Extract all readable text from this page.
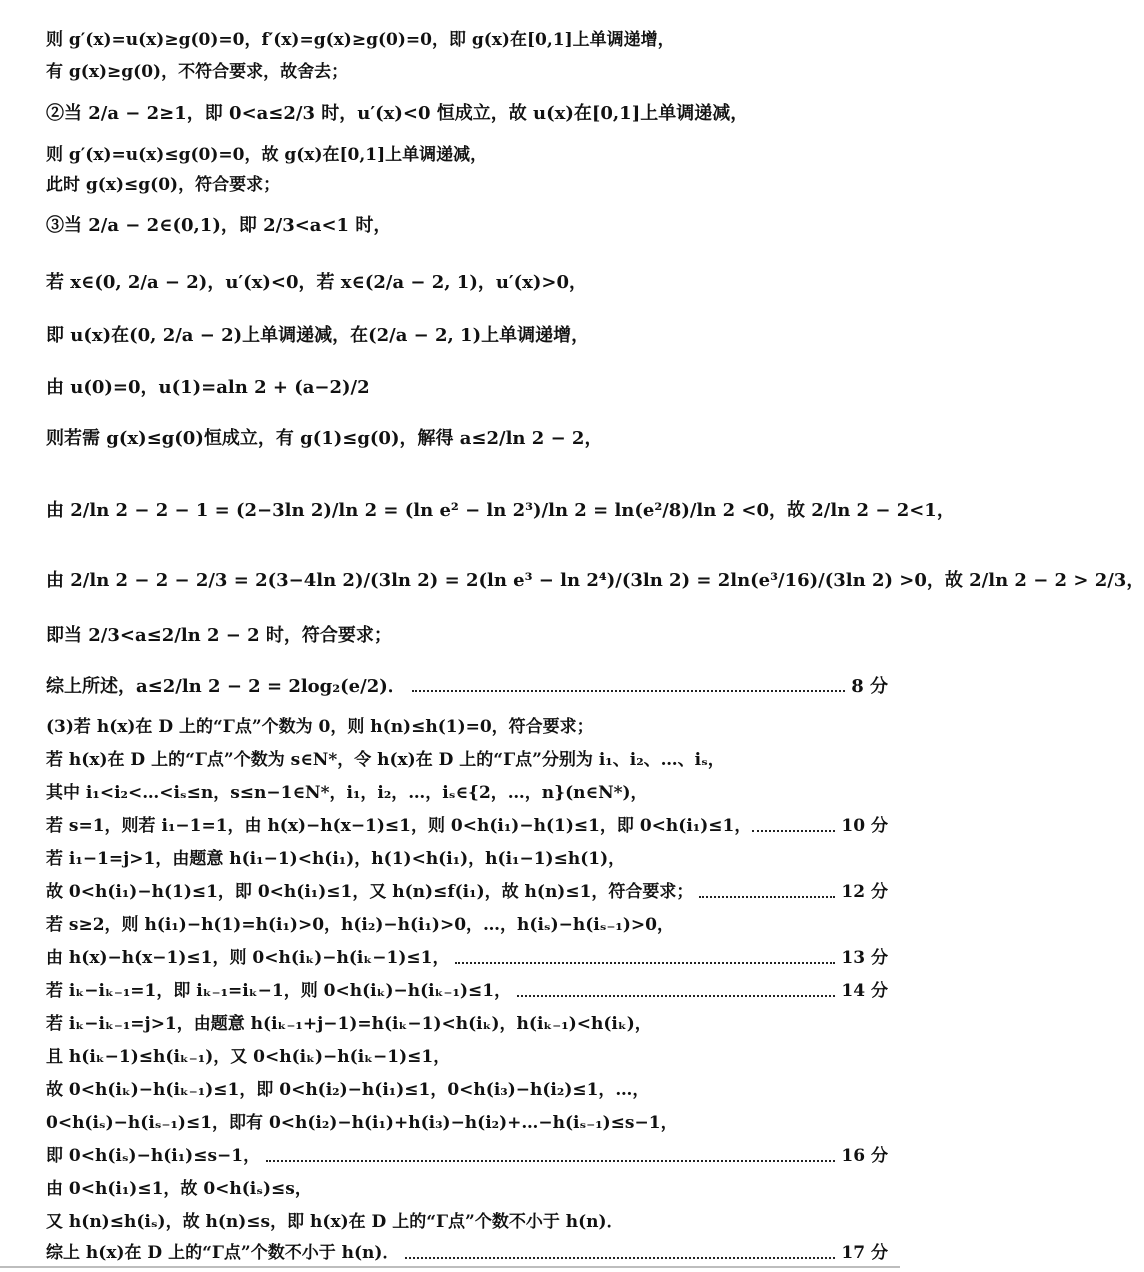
则 g′(x)=u(x)≥g(0)=0，f′(x)=g(x)≥g(0)=0，即 g(x)在[0,1]上单调递增，
有 g(x)≥g(0)，不符合要求，故舍去；
②当 2/a − 2≥1，即 0<a≤2/3 时，u′(x)<0 恒成立，故 u(x)在[0,1]上单调递减，
则 g′(x)=u(x)≤g(0)=0，故 g(x)在[0,1]上单调递减，
此时 g(x)≤g(0)，符合要求；
③当 2/a − 2∈(0,1)，即 2/3<a<1 时，
若 x∈(0, 2/a − 2)，u′(x)<0，若 x∈(2/a − 2, 1)，u′(x)>0，
即 u(x)在(0, 2/a − 2)上单调递减，在(2/a − 2, 1)上单调递增，
由 u(0)=0，u(1)=aln 2 + (a−2)/2
则若需 g(x)≤g(0)恒成立，有 g(1)≤g(0)，解得 a≤2/ln 2 − 2，
由 2/ln 2 − 2 − 1 = (2−3ln 2)/ln 2 = (ln e² − ln 2³)/ln 2 = ln(e²/8)/ln 2 <0，故 2/ln 2 − 2<1，
由 2/ln 2 − 2 − 2/3 = 2(3−4ln 2)/(3ln 2) = 2(ln e³ − ln 2⁴)/(3ln 2) = 2ln(e³/16)/(3ln 2) >0，故 2/ln 2 − 2 > 2/3，
即当 2/3<a≤2/ln 2 − 2 时，符合要求；
综上所述，a≤2/ln 2 − 2 = 2log₂(e/2)．	8 分
(3)若 h(x)在 D 上的“Γ点”个数为 0，则 h(n)≤h(1)=0，符合要求；
若 h(x)在 D 上的“Γ点”个数为 s∈N*，令 h(x)在 D 上的“Γ点”分别为 i₁、i₂、…、iₛ，
其中 i₁<i₂<…<iₛ≤n，s≤n−1∈N*，i₁，i₂，…，iₛ∈{2，…，n}(n∈N*)，
若 s=1，则若 i₁−1=1，由 h(x)−h(x−1)≤1，则 0<h(i₁)−h(1)≤1，即 0<h(i₁)≤1，	10 分
若 i₁−1=j>1，由题意 h(i₁−1)<h(i₁)，h(1)<h(i₁)，h(i₁−1)≤h(1)，
故 0<h(i₁)−h(1)≤1，即 0<h(i₁)≤1，又 h(n)≤f(i₁)，故 h(n)≤1，符合要求；	12 分
若 s≥2，则 h(i₁)−h(1)=h(i₁)>0，h(i₂)−h(i₁)>0，…，h(iₛ)−h(iₛ₋₁)>0，
由 h(x)−h(x−1)≤1，则 0<h(iₖ)−h(iₖ−1)≤1，	13 分
若 iₖ−iₖ₋₁=1，即 iₖ₋₁=iₖ−1，则 0<h(iₖ)−h(iₖ₋₁)≤1，	14 分
若 iₖ−iₖ₋₁=j>1，由题意 h(iₖ₋₁+j−1)=h(iₖ−1)<h(iₖ)，h(iₖ₋₁)<h(iₖ)，
且 h(iₖ−1)≤h(iₖ₋₁)，又 0<h(iₖ)−h(iₖ−1)≤1，
故 0<h(iₖ)−h(iₖ₋₁)≤1，即 0<h(i₂)−h(i₁)≤1，0<h(i₃)−h(i₂)≤1，…，
0<h(iₛ)−h(iₛ₋₁)≤1，即有 0<h(i₂)−h(i₁)+h(i₃)−h(i₂)+…−h(iₛ₋₁)≤s−1，
即 0<h(iₛ)−h(i₁)≤s−1，	16 分
由 0<h(i₁)≤1，故 0<h(iₛ)≤s，
又 h(n)≤h(iₛ)，故 h(n)≤s，即 h(x)在 D 上的“Γ点”个数不小于 h(n)．
综上 h(x)在 D 上的“Γ点”个数不小于 h(n)．	17 分
